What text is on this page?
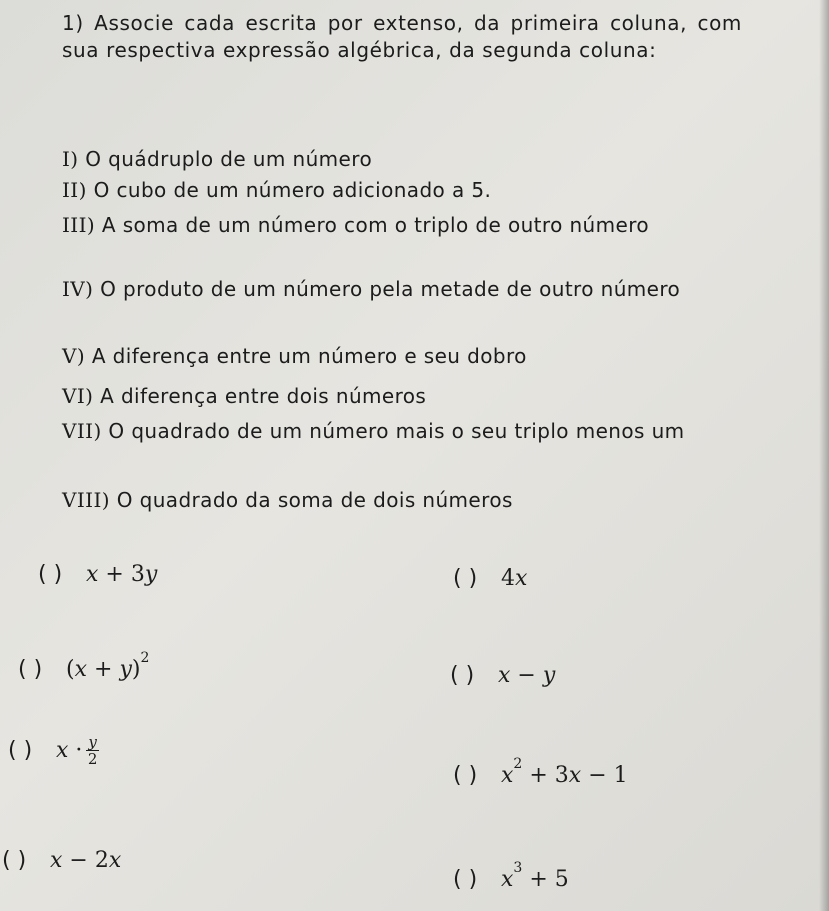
1) Associe cada escrita por extenso, da primeira coluna, com sua respectiva expressão algébrica, da segunda coluna:

I) O quádruplo de um número

II) O cubo de um número adicionado a 5.

III) A soma de um número com o triplo de outro número

IV) O produto de um número pela metade de outro número

V) A diferença entre um número e seu dobro

VI) A diferença entre dois números

VII) O quadrado de um número mais o seu triplo menos um

VIII) O quadrado da soma de dois números

( ) x + 3y	( ) 4x
( ) $(x + y)^2$
( ) x − y
( ) $x \cdot \frac{y}{2}$
( ) $x^2 + 3x - 1$
( ) x − 2x
( ) $x^3 + 5$
